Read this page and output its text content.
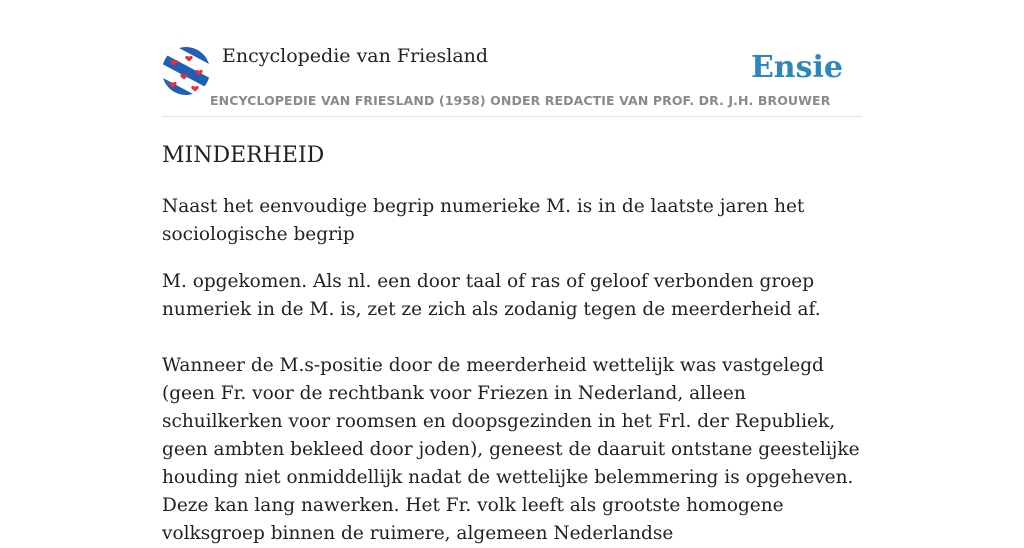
Encyclopedie van Friesland	Ensie
ENCYCLOPEDIE VAN FRIESLAND (1958) ONDER REDACTIE VAN PROF. DR. J.H. BROUWER
MINDERHEID

Naast het eenvoudige begrip numerieke M. is in de laatste jaren het sociologische begrip

M. opgekomen. Als nl. een door taal of ras of geloof verbonden groep numeriek in de M. is, zet ze zich als zodanig tegen de meerderheid af.

Wanneer de M.s-positie door de meerderheid wettelijk was vastgelegd (geen Fr. voor de rechtbank voor Friezen in Nederland, alleen schuilkerken voor roomsen en doopsgezinden in het Frl. der Republiek, geen ambten bekleed door joden), geneest de daaruit ontstane geestelijke houding niet onmiddellijk nadat de wettelijke belemmering is opgeheven. Deze kan lang nawerken. Het Fr. volk leeft als grootste homogene volksgroep binnen de ruimere, algemeen Nederlandse
